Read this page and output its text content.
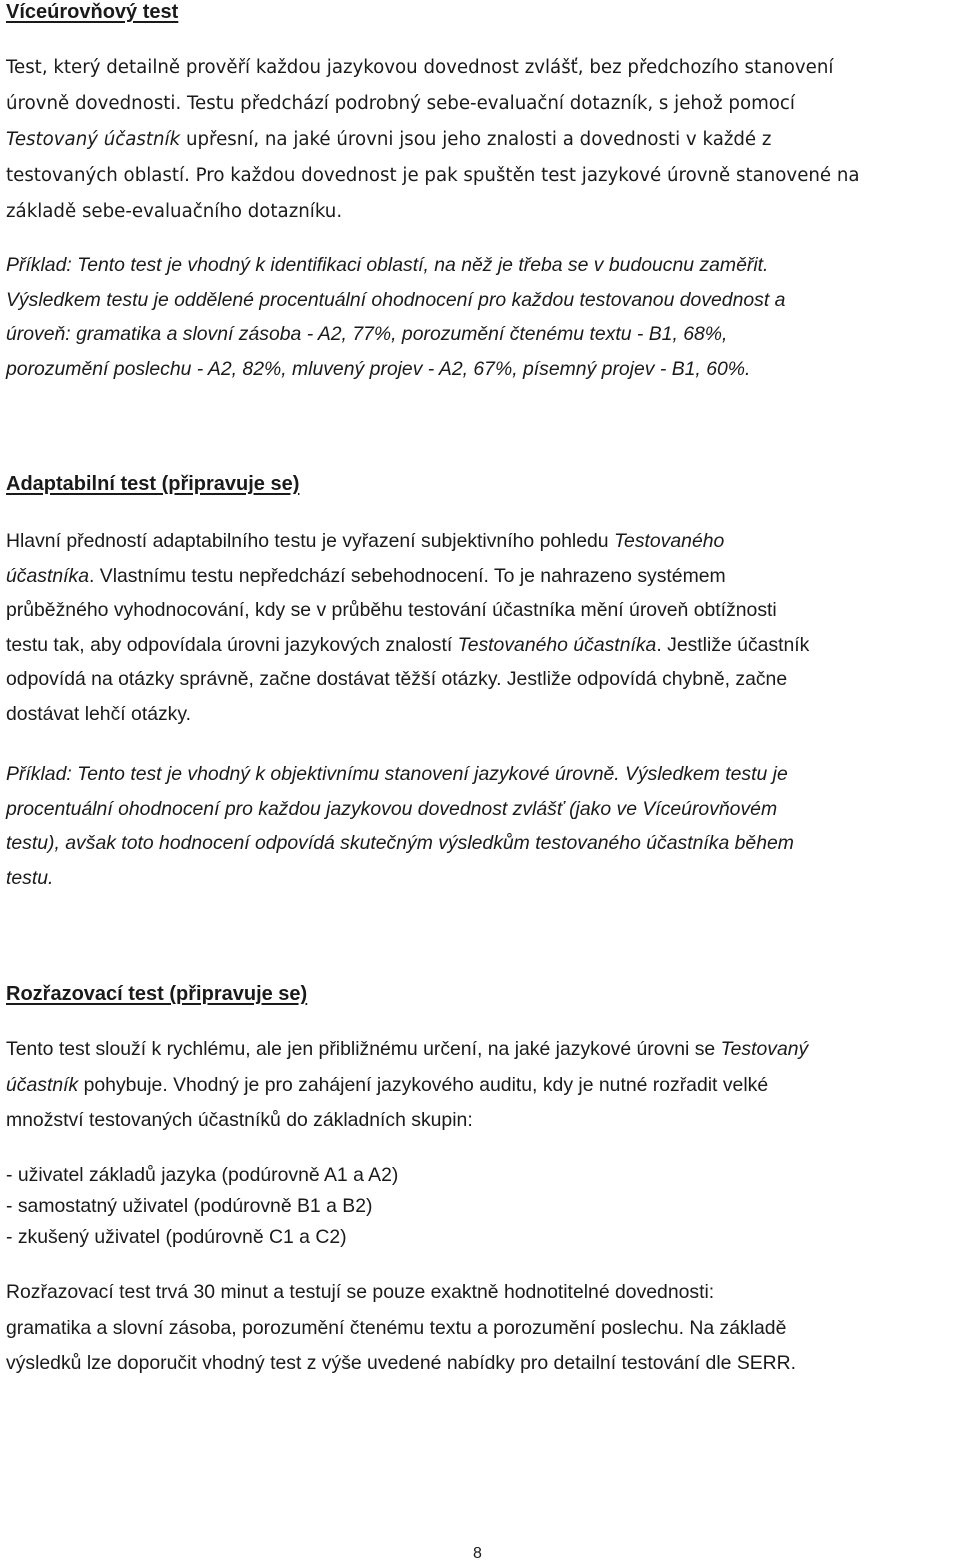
Víceúrovňový test
Test, který detailně prověří každou jazykovou dovednost zvlášť, bez předchozího stanovení
úrovně dovednosti. Testu předchází podrobný sebe-evaluační dotazník, s jehož pomocí
Testovaný účastník upřesní, na jaké úrovni jsou jeho znalosti a dovednosti v každé z
testovaných oblastí. Pro každou dovednost je pak spuštěn test jazykové úrovně stanovené na
základě sebe-evaluačního dotazníku.
Příklad: Tento test je vhodný k identifikaci oblastí, na něž je třeba se v budoucnu zaměřit.
Výsledkem testu je oddělené procentuální ohodnocení pro každou testovanou dovednost a
úroveň: gramatika a slovní zásoba - A2, 77%, porozumění čtenému textu - B1, 68%,
porozumění poslechu - A2, 82%, mluvený projev - A2, 67%, písemný projev - B1, 60%.
Adaptabilní test (připravuje se)
Hlavní předností adaptabilního testu je vyřazení subjektivního pohledu Testovaného
účastníka. Vlastnímu testu nepředchází sebehodnocení. To je nahrazeno systémem
průběžného vyhodnocování, kdy se v průběhu testování účastníka mění úroveň obtížnosti
testu tak, aby odpovídala úrovni jazykových znalostí Testovaného účastníka. Jestliže účastník
odpovídá na otázky správně, začne dostávat těžší otázky. Jestliže odpovídá chybně, začne
dostávat lehčí otázky.
Příklad: Tento test je vhodný k objektivnímu stanovení jazykové úrovně. Výsledkem testu je
procentuální ohodnocení pro každou jazykovou dovednost zvlášť (jako ve Víceúrovňovém
testu), avšak toto hodnocení odpovídá skutečným výsledkům testovaného účastníka během
testu.
Rozřazovací test (připravuje se)
Tento test slouží k rychlému, ale jen přibližnému určení, na jaké jazykové úrovni se Testovaný
účastník pohybuje. Vhodný je pro zahájení jazykového auditu, kdy je nutné rozřadit velké
množství testovaných účastníků do základních skupin:
- uživatel základů jazyka (podúrovně A1 a A2)
- samostatný uživatel (podúrovně B1 a B2)
- zkušený uživatel (podúrovně C1 a C2)
Rozřazovací test trvá 30 minut a testují se pouze exaktně hodnotitelné dovednosti:
gramatika a slovní zásoba, porozumění čtenému textu a porozumění poslechu. Na základě
výsledků lze doporučit vhodný test z výše uvedené nabídky pro detailní testování dle SERR.
8
